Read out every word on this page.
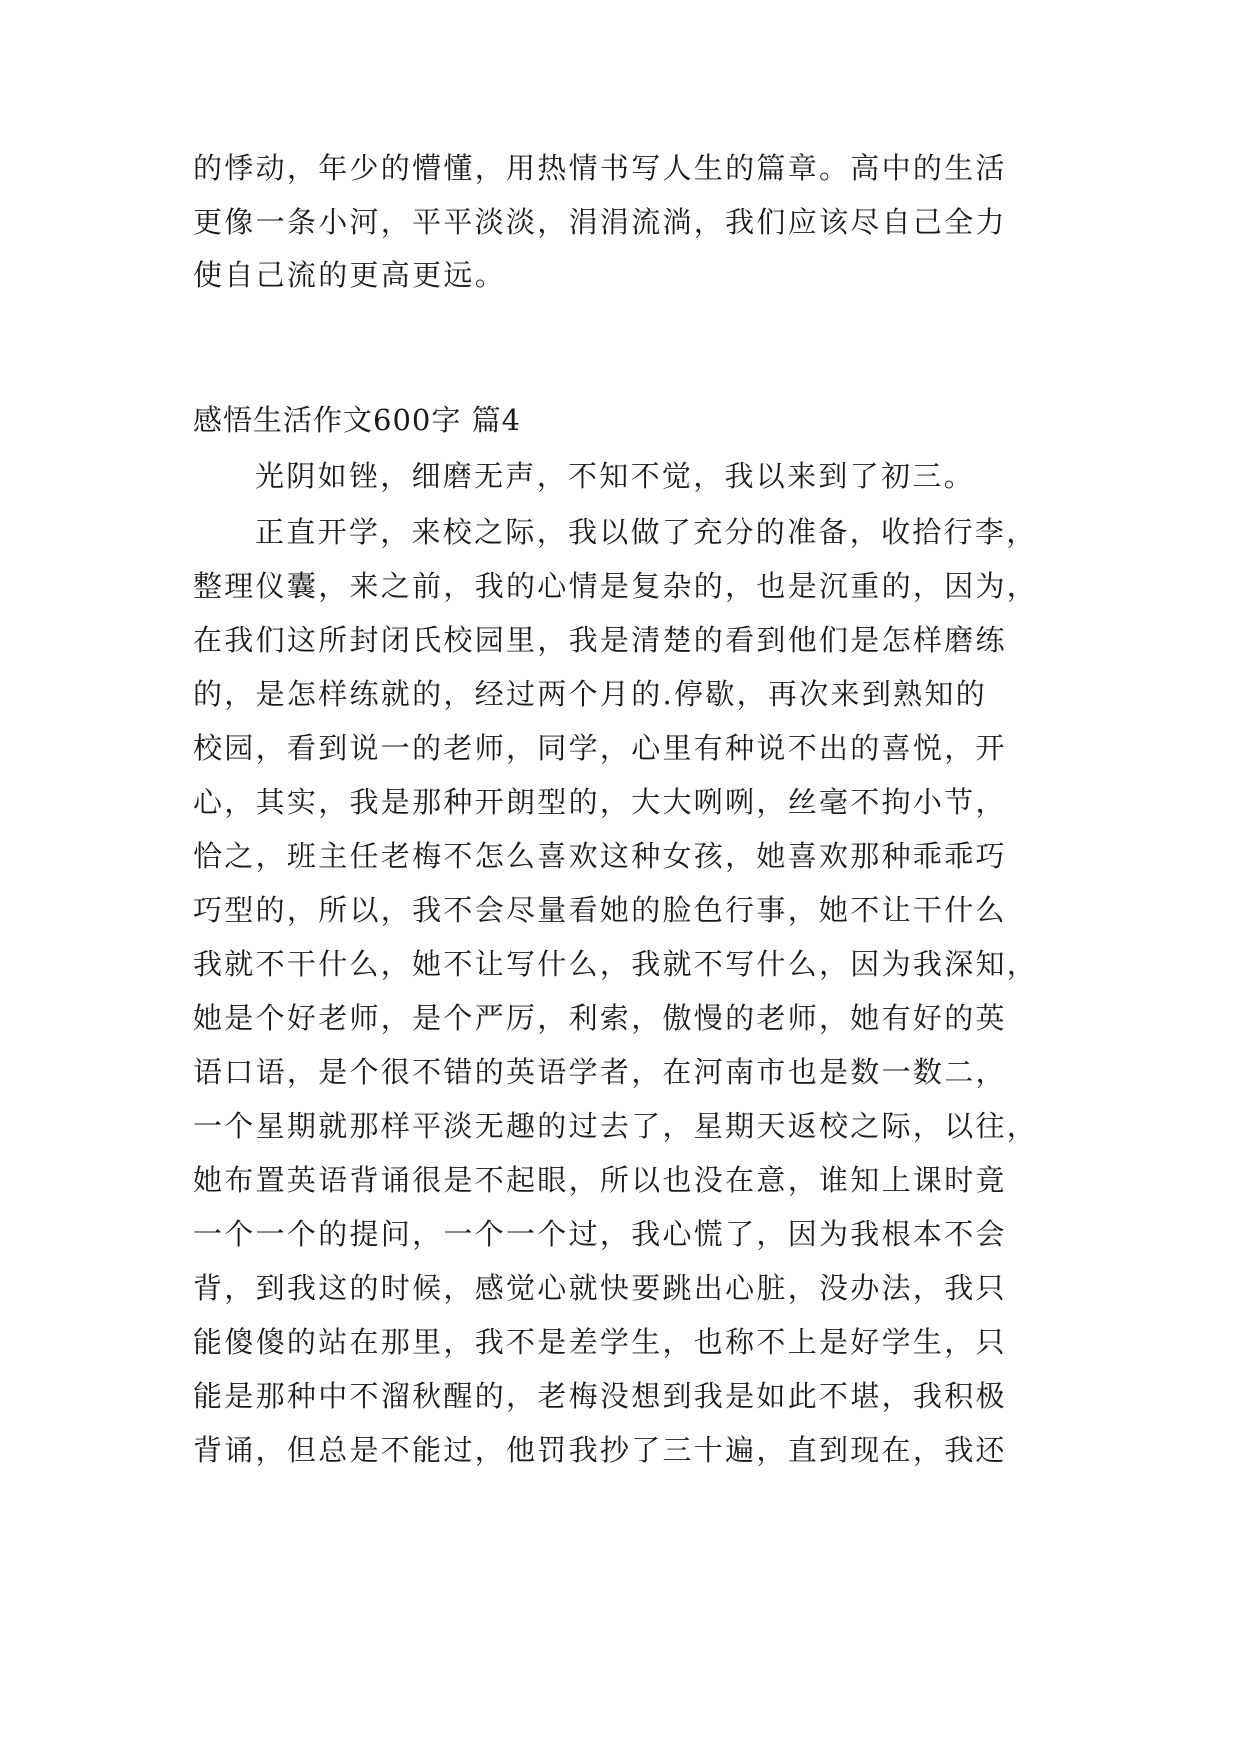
的悸动，年少的懵懂，用热情书写人生的篇章。高中的生活
更像一条小河，平平淡淡，涓涓流淌，我们应该尽自己全力
使自己流的更高更远。
感悟生活作文600字 篇4
光阴如锉，细磨无声，不知不觉，我以来到了初三。
正直开学，来校之际，我以做了充分的准备，收拾行李，
整理仪囊，来之前，我的心情是复杂的，也是沉重的，因为，
在我们这所封闭氏校园里，我是清楚的看到他们是怎样磨练
的，是怎样练就的，经过两个月的.停歇，再次来到熟知的
校园，看到说一的老师，同学，心里有种说不出的喜悦，开
心，其实，我是那种开朗型的，大大咧咧，丝毫不拘小节，
恰之，班主任老梅不怎么喜欢这种女孩，她喜欢那种乖乖巧
巧型的，所以，我不会尽量看她的脸色行事，她不让干什么
我就不干什么，她不让写什么，我就不写什么，因为我深知，
她是个好老师，是个严厉，利索，傲慢的老师，她有好的英
语口语，是个很不错的英语学者，在河南市也是数一数二，
一个星期就那样平淡无趣的过去了，星期天返校之际，以往，
她布置英语背诵很是不起眼，所以也没在意，谁知上课时竟
一个一个的提问，一个一个过，我心慌了，因为我根本不会
背，到我这的时候，感觉心就快要跳出心脏，没办法，我只
能傻傻的站在那里，我不是差学生，也称不上是好学生，只
能是那种中不溜秋醒的，老梅没想到我是如此不堪，我积极
背诵，但总是不能过，他罚我抄了三十遍，直到现在，我还
